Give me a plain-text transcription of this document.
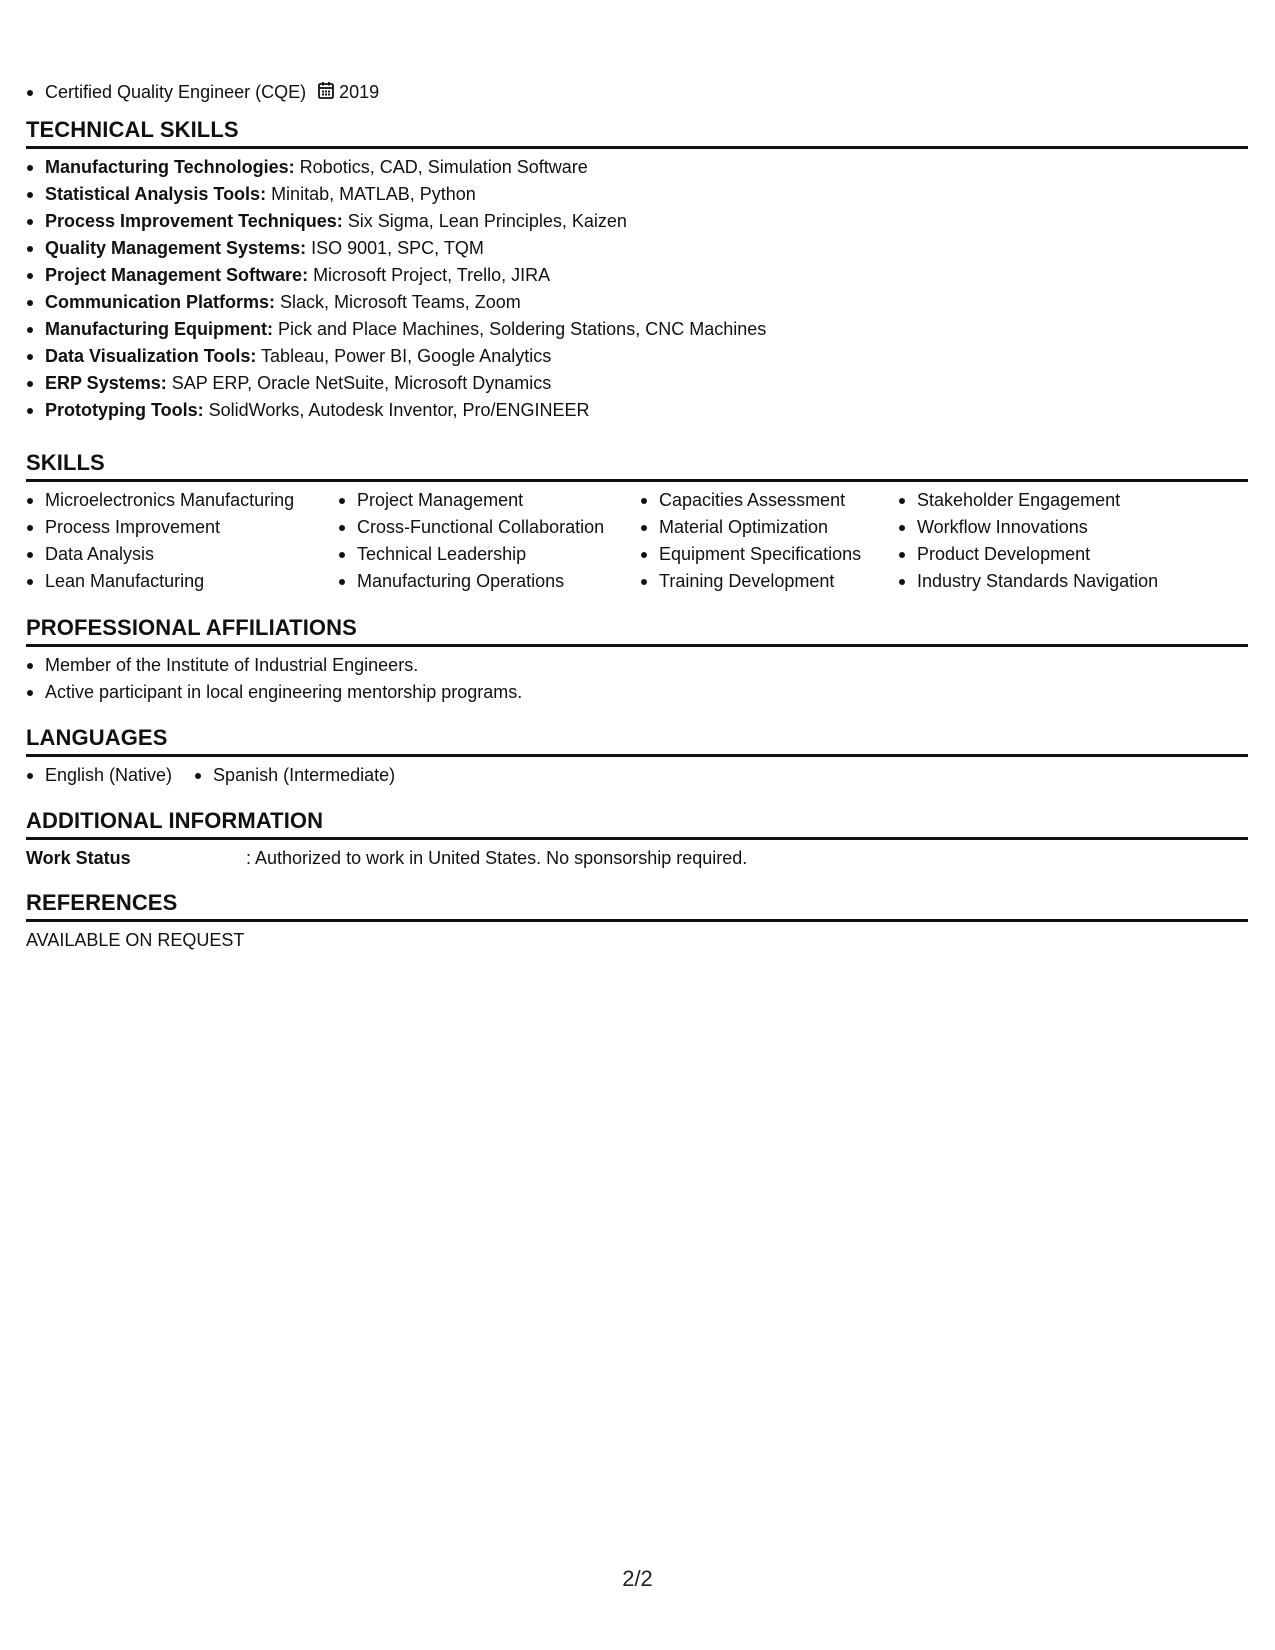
Certified Quality Engineer (CQE) 2019
TECHNICAL SKILLS
Manufacturing Technologies: Robotics, CAD, Simulation Software
Statistical Analysis Tools: Minitab, MATLAB, Python
Process Improvement Techniques: Six Sigma, Lean Principles, Kaizen
Quality Management Systems: ISO 9001, SPC, TQM
Project Management Software: Microsoft Project, Trello, JIRA
Communication Platforms: Slack, Microsoft Teams, Zoom
Manufacturing Equipment: Pick and Place Machines, Soldering Stations, CNC Machines
Data Visualization Tools: Tableau, Power BI, Google Analytics
ERP Systems: SAP ERP, Oracle NetSuite, Microsoft Dynamics
Prototyping Tools: SolidWorks, Autodesk Inventor, Pro/ENGINEER
SKILLS
Microelectronics Manufacturing
Process Improvement
Data Analysis
Lean Manufacturing
Project Management
Cross-Functional Collaboration
Technical Leadership
Manufacturing Operations
Capacities Assessment
Material Optimization
Equipment Specifications
Training Development
Stakeholder Engagement
Workflow Innovations
Product Development
Industry Standards Navigation
PROFESSIONAL AFFILIATIONS
Member of the Institute of Industrial Engineers.
Active participant in local engineering mentorship programs.
LANGUAGES
English (Native)	Spanish (Intermediate)
ADDITIONAL INFORMATION
Work Status	: Authorized to work in United States. No sponsorship required.
REFERENCES
AVAILABLE ON REQUEST
2/2
